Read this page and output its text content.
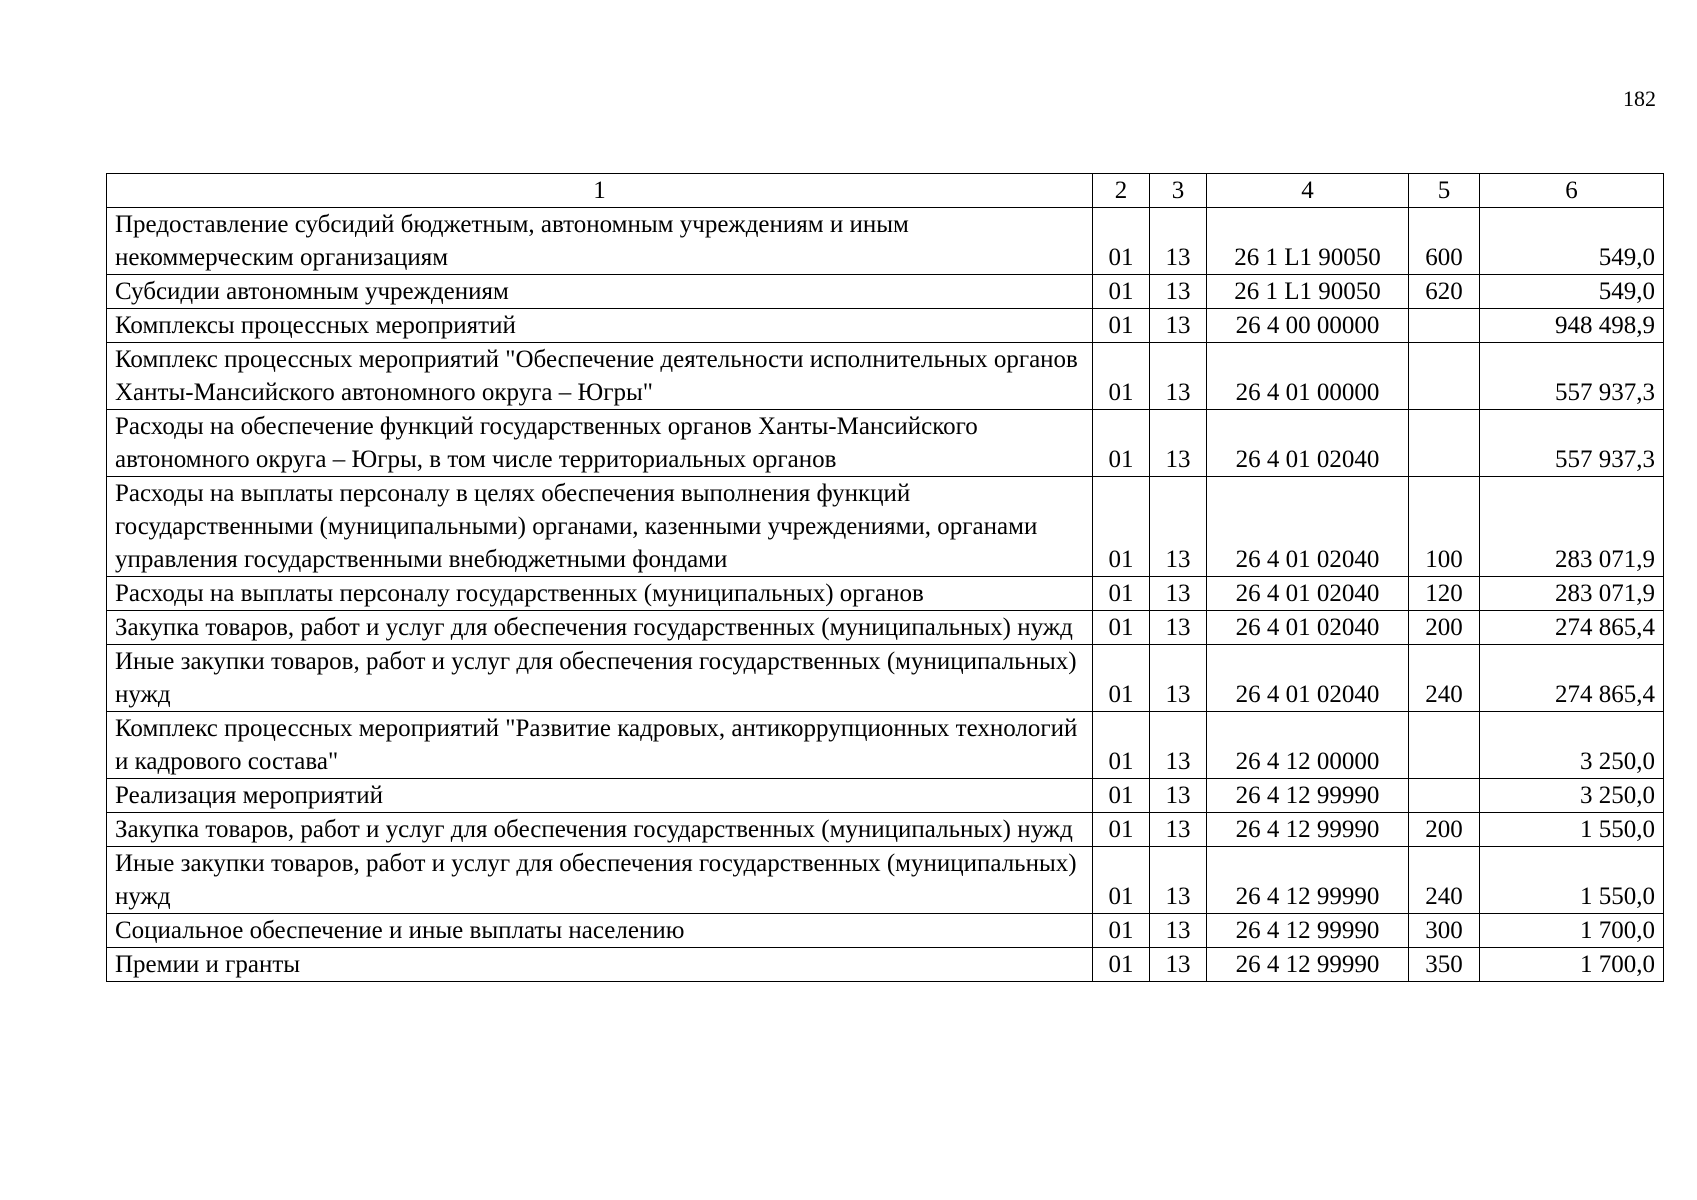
182
1	2	3	4	5	6
Предоставление субсидий бюджетным, автономным учреждениям и иным некоммерческим организациям	01	13	26 1 L1 90050	600	549,0
Субсидии автономным учреждениям	01	13	26 1 L1 90050	620	549,0
Комплексы процессных мероприятий	01	13	26 4 00 00000		948 498,9
Комплекс процессных мероприятий "Обеспечение деятельности исполнительных органов Ханты-Мансийского автономного округа – Югры"	01	13	26 4 01 00000		557 937,3
Расходы на обеспечение функций государственных органов Ханты-Мансийского автономного округа – Югры, в том числе территориальных органов	01	13	26 4 01 02040		557 937,3
Расходы на выплаты персоналу в целях обеспечения выполнения функций государственными (муниципальными) органами, казенными учреждениями, органами управления государственными внебюджетными фондами	01	13	26 4 01 02040	100	283 071,9
Расходы на выплаты персоналу государственных (муниципальных) органов	01	13	26 4 01 02040	120	283 071,9
Закупка товаров, работ и услуг для обеспечения государственных (муниципальных) нужд	01	13	26 4 01 02040	200	274 865,4
Иные закупки товаров, работ и услуг для обеспечения государственных (муниципальных) нужд	01	13	26 4 01 02040	240	274 865,4
Комплекс процессных мероприятий "Развитие кадровых, антикоррупционных технологий и кадрового состава"	01	13	26 4 12 00000		3 250,0
Реализация мероприятий	01	13	26 4 12 99990		3 250,0
Закупка товаров, работ и услуг для обеспечения государственных (муниципальных) нужд	01	13	26 4 12 99990	200	1 550,0
Иные закупки товаров, работ и услуг для обеспечения государственных (муниципальных) нужд	01	13	26 4 12 99990	240	1 550,0
Социальное обеспечение и иные выплаты населению	01	13	26 4 12 99990	300	1 700,0
Премии и гранты	01	13	26 4 12 99990	350	1 700,0
